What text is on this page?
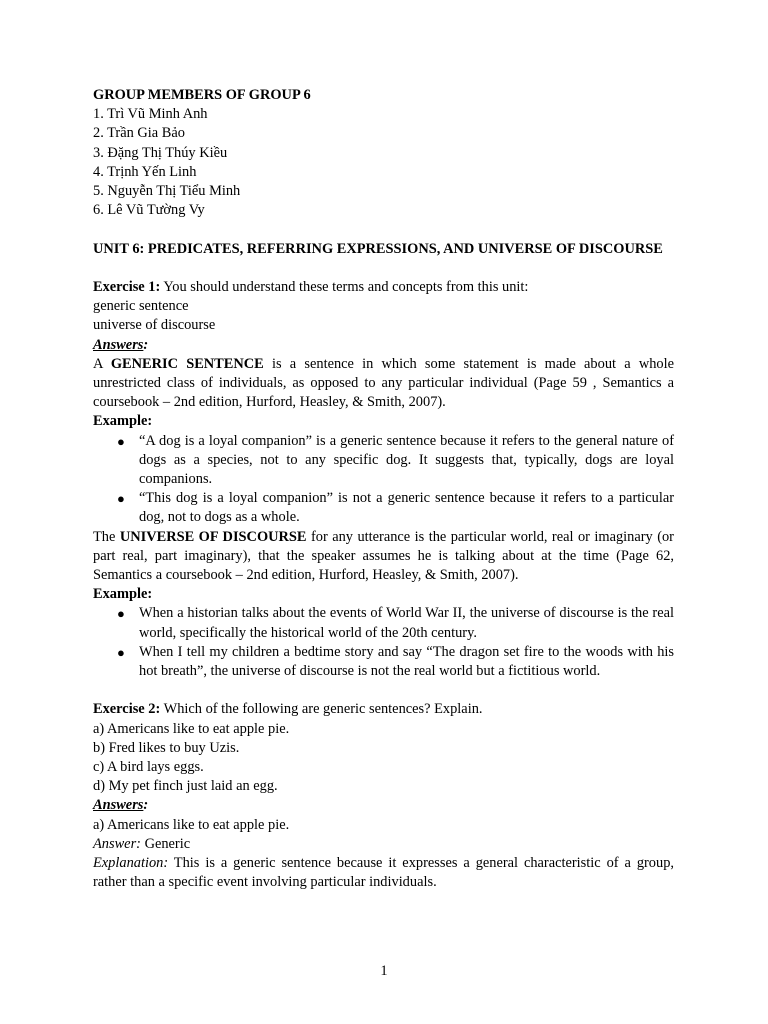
GROUP MEMBERS OF GROUP 6

1. Trì Vũ Minh Anh

2. Trần Gia Bảo

3. Đặng Thị Thúy Kiều

4. Trịnh Yến Linh

5. Nguyễn Thị Tiểu Minh

6. Lê Vũ Tường Vy

UNIT 6: PREDICATES, REFERRING EXPRESSIONS, AND UNIVERSE OF DISCOURSE

Exercise 1: You should understand these terms and concepts from this unit:

generic sentence

universe of discourse

Answers:

A GENERIC SENTENCE is a sentence in which some statement is made about a whole unrestricted class of individuals, as opposed to any particular individual (Page 59 , Semantics a coursebook – 2nd edition, Hurford, Heasley, & Smith, 2007).

Example:

● “A dog is a loyal companion” is a generic sentence because it refers to the general nature of dogs as a species, not to any specific dog. It suggests that, typically, dogs are loyal companions.
● “This dog is a loyal companion” is not a generic sentence because it refers to a particular dog, not to dogs as a whole.

The UNIVERSE OF DISCOURSE for any utterance is the particular world, real or imaginary (or part real, part imaginary), that the speaker assumes he is talking about at the time (Page 62, Semantics a coursebook – 2nd edition, Hurford, Heasley, & Smith, 2007).

Example:

● When a historian talks about the events of World War II, the universe of discourse is the real world, specifically the historical world of the 20th century.
● When I tell my children a bedtime story and say “The dragon set fire to the woods with his hot breath”, the universe of discourse is not the real world but a fictitious world.

Exercise 2: Which of the following are generic sentences? Explain.

a) Americans like to eat apple pie.

b) Fred likes to buy Uzis.

c) A bird lays eggs.

d) My pet finch just laid an egg.

Answers:

a) Americans like to eat apple pie.

Answer: Generic

Explanation: This is a generic sentence because it expresses a general characteristic of a group, rather than a specific event involving particular individuals.

1
